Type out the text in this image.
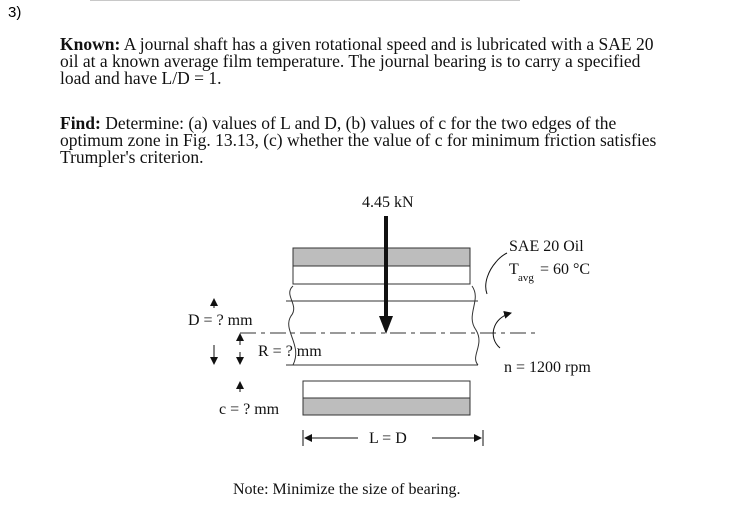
3)
Known: A journal shaft has a given rotational speed and is lubricated with a SAE 20
oil at a known average film temperature. The journal bearing is to carry a specified
load and have L/D = 1.
Find: Determine: (a) values of L and D, (b) values of c for the two edges of the
optimum zone in Fig. 13.13, (c) whether the value of c for minimum friction satisfies
Trumpler's criterion.
4.45 kN
D = ? mm
R = ? mm
c = ? mm
L = D
SAE 20 Oil
T avg = 60 °C
n = 1200 rpm
Note: Minimize the size of bearing.
